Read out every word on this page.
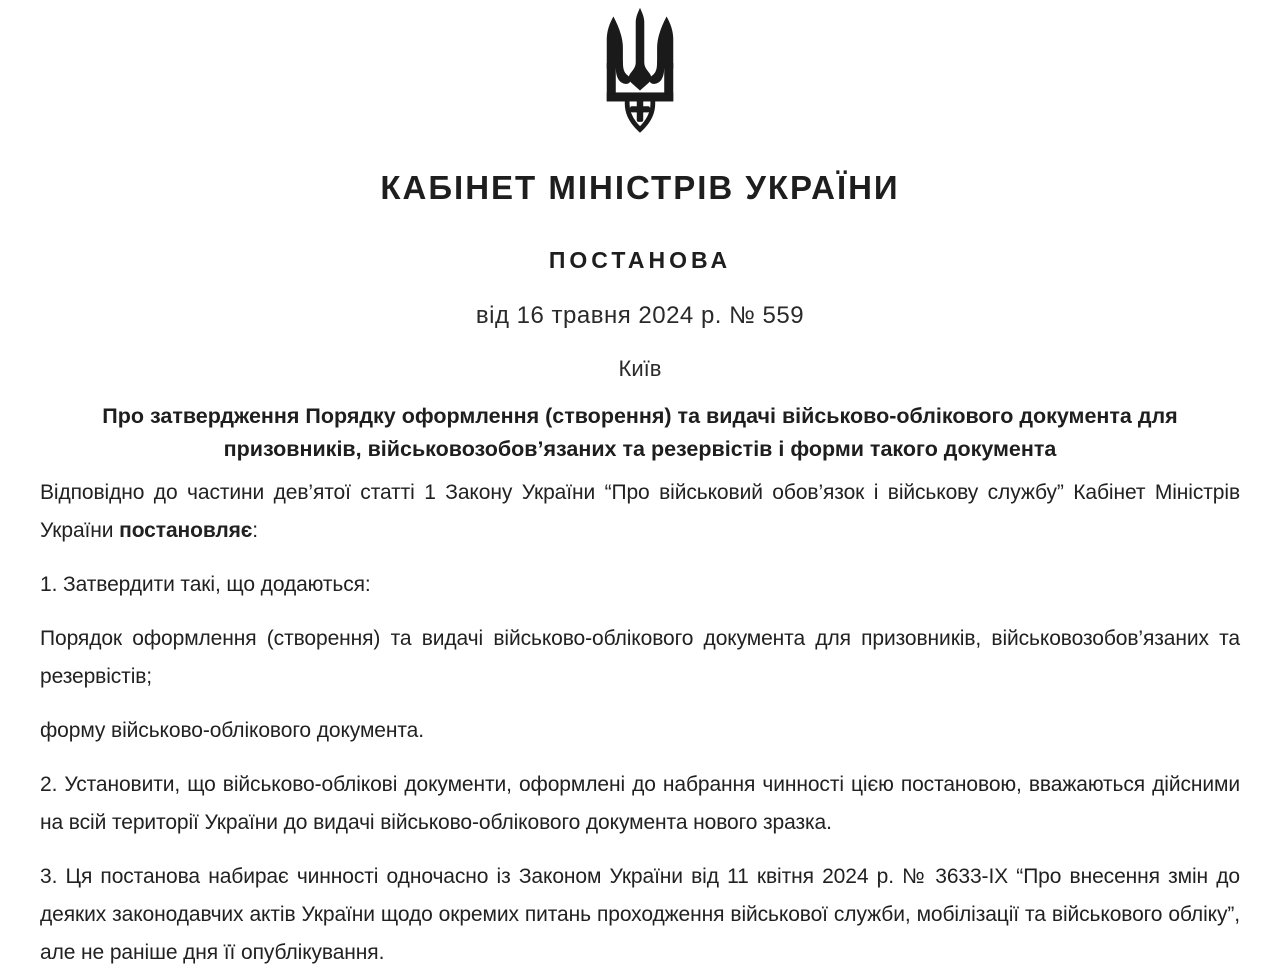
КАБІНЕТ МІНІСТРІВ УКРАЇНИ
ПОСТАНОВА
від 16 травня 2024 р. № 559
Київ
Про затвердження Порядку оформлення (створення) та видачі військово-облікового документа для призовників, військовозобов’язаних та резервістів і форми такого документа

Відповідно до частини дев’ятої статті 1 Закону України “Про військовий обов’язок і військову службу” Кабінет Міністрів України постановляє:

1. Затвердити такі, що додаються:

Порядок оформлення (створення) та видачі військово-облікового документа для призовників, військовозобов’язаних та резервістів;

форму військово-облікового документа.

2. Установити, що військово-облікові документи, оформлені до набрання чинності цією постановою, вважаються дійсними на всій території України до видачі військово-облікового документа нового зразка.

3. Ця постанова набирає чинності одночасно із Законом України від 11 квітня 2024 р. № 3633-IX “Про внесення змін до деяких законодавчих актів України щодо окремих питань проходження військової служби, мобілізації та військового обліку”, але не раніше дня її опублікування.
